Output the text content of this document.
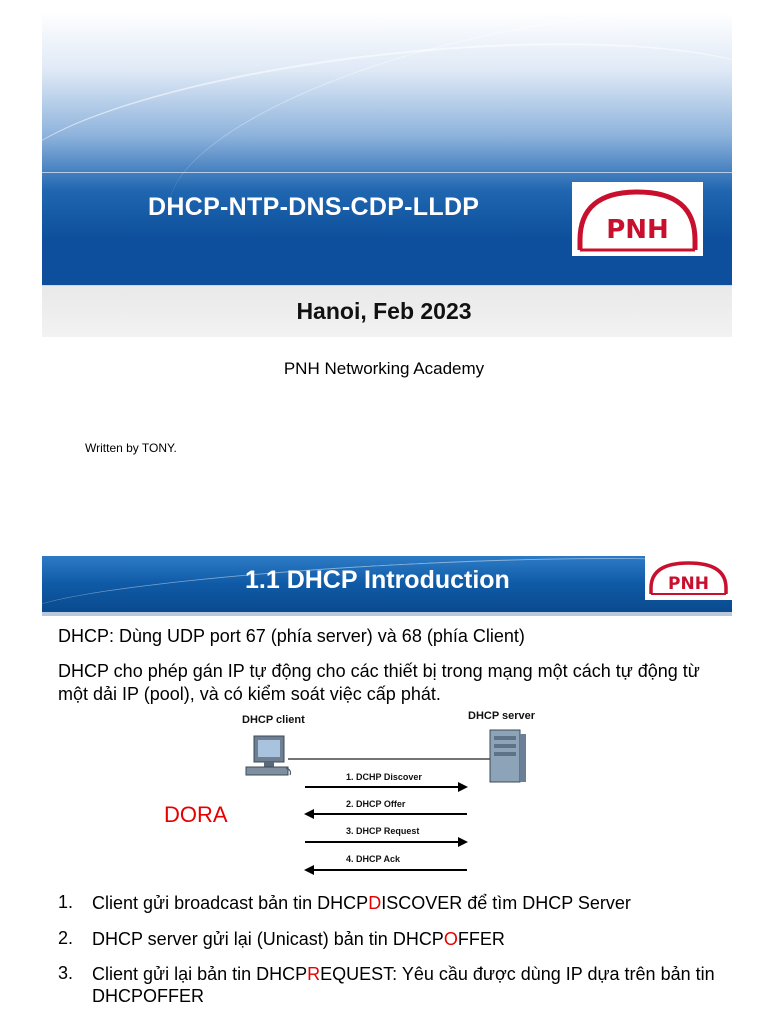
DHCP-NTP-DNS-CDP-LLDP
PNH
Hanoi, Feb 2023
PNH Networking Academy
Written by TONY.
1.1 DHCP Introduction	PNH
DHCP: Dùng UDP port 67 (phía server) và 68 (phía Client)
DHCP cho phép gán IP tự động cho các thiết bị trong mạng một cách tự động từ một dải IP (pool), và có kiểm soát việc cấp phát.
DHCP client	DHCP server
1. DCHP Discover
2. DHCP Offer
3. DHCP Request
4. DHCP Ack
DORA
1. Client gửi broadcast bản tin DHCPDISCOVER để tìm DHCP Server
2. DHCP server gửi lại (Unicast) bản tin DHCPOFFER
3. Client gửi lại bản tin DHCPREQUEST: Yêu cầu được dùng IP dựa trên bản tin DHCPOFFER
